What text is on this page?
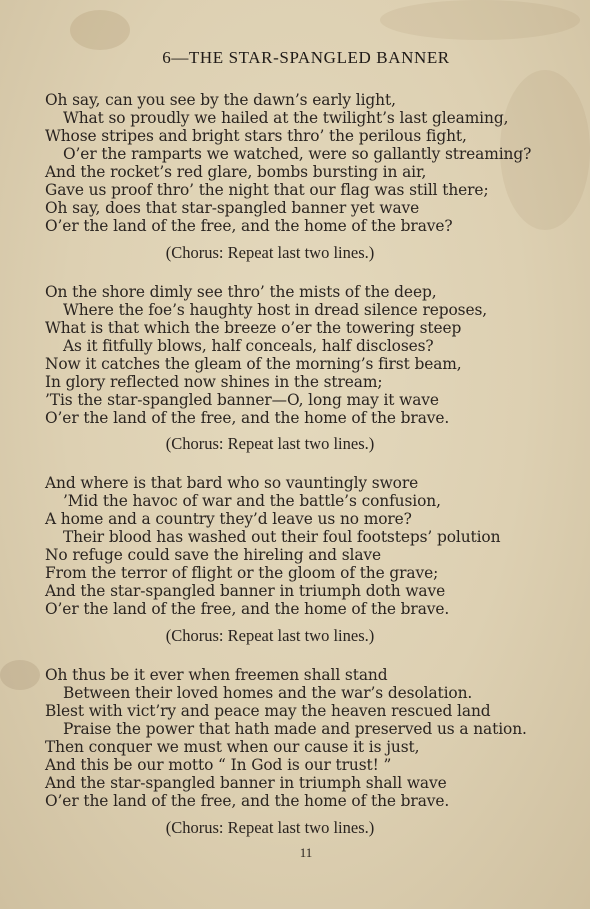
6—THE STAR-SPANGLED BANNER
Oh say, can you see by the dawn’s early light,
What so proudly we hailed at the twilight’s last gleaming,
Whose stripes and bright stars thro’ the perilous fight,
O’er the ramparts we watched, were so gallantly streaming?
And the rocket’s red glare, bombs bursting in air,
Gave us proof thro’ the night that our flag was still there;
Oh say, does that star-spangled banner yet wave
O’er the land of the free, and the home of the brave?
(Chorus: Repeat last two lines.)
On the shore dimly see thro’ the mists of the deep,
Where the foe’s haughty host in dread silence reposes,
What is that which the breeze o’er the towering steep
As it fitfully blows, half conceals, half discloses?
Now it catches the gleam of the morning’s first beam,
In glory reflected now shines in the stream;
’Tis the star-spangled banner—O, long may it wave
O’er the land of the free, and the home of the brave.
(Chorus: Repeat last two lines.)
And where is that bard who so vauntingly swore
’Mid the havoc of war and the battle’s confusion,
A home and a country they’d leave us no more?
Their blood has washed out their foul footsteps’ polution
No refuge could save the hireling and slave
From the terror of flight or the gloom of the grave;
And the star-spangled banner in triumph doth wave
O’er the land of the free, and the home of the brave.
(Chorus: Repeat last two lines.)
Oh thus be it ever when freemen shall stand
Between their loved homes and the war’s desolation.
Blest with vict’ry and peace may the heaven rescued land
Praise the power that hath made and preserved us a nation.
Then conquer we must when our cause it is just,
And this be our motto “ In God is our trust! ”
And the star-spangled banner in triumph shall wave
O’er the land of the free, and the home of the brave.
(Chorus: Repeat last two lines.)
11
